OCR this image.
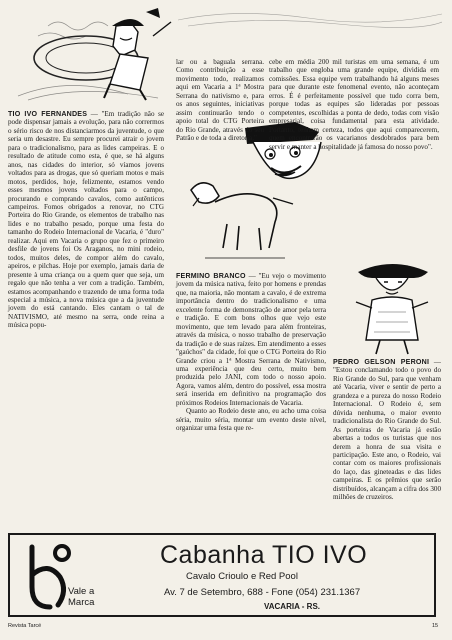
TIO IVO FERNANDES — "Em tradição não se pode dispensar jamais a evolução, para não corrermos o sério risco de nos distanciarmos da juventude, o que seria um desastre. Eu sempre procurei atrair o jovem para o tradicionalismo, para as lides campeiras. E o resultado de atitude como esta, é que, se há alguns anos, nas cidades do interior, só víamos jovens voltados para as drogas, que só queriam motos e mais motos, perdidos, hoje, felizmente, estamos vendo esses mesmos jovens voltados para o campo, procurando e comprando cavalos, como autênticos campeiros. Fomos obrigados a renovar, no CTG Porteira do Rio Grande, os elementos de trabalho nas lides e no trabalho pesado, porque uma festa do tamanho do Rodeio Internacional de Vacaria, é "duro" realizar. Aqui em Vacaria o grupo que fez o primeiro desfile de jovens foi Os Araganos, no mini rodeio, todos, muitos deles, de compor além do cavalo, apeiros, e pilchas. Hoje por exemplo, jamais daria de presente à uma criança ou a quem quer que seja, um regalo que não tenha a ver com a tradição. Também, estamos acompanhando e trazendo de uma forma toda especial a música, a nova música que a da juventude jovem do está cantando. Eles cantam o tal de NATIVISMO, até mesmo na serra, onde reina a música popu-

lar ou a baguala serrana. Como contribuição a esse movimento todo, realizamos aqui em Vacaria a 1ª Mostra Serrana do nativismo e, para os anos seguintes, iniciativas assim continuarão tendo o apoio total do CTG Porteira do Rio Grande, através do seu Patrão e de toda a diretoria."

FERMINO BRANCO — "Eu vejo o movimento jovem da música nativa, feito por homens e prendas que, na maioria, não montam a cavalo, é de extrema importância dentro do tradicionalismo e uma excelente forma de demonstração de amor pela terra e tradição. E com bons olhos que vejo este movimento, que tem levado para além fronteiras, através da música, o nosso trabalho de preservação da tradição e de suas raízes. Em atendimento a esses "gaúchos" da cidade, foi que o CTG Porteira do Rio Grande criou a 1ª Mostra Serrana de Nativismo, uma experiência que deu certo, muito bem produzida pelo JANI, com todo o nosso apoio. Agora, vamos além, dentro do possível, essa mostra será inserida em definitivo na programação dos próximos Rodeios Internacionais de Vacaria.

Quanto ao Rodeio deste ano, eu acho uma coisa séria, muito séria, montar um evento deste nível, organizar uma festa que re-

cebe em média 200 mil turistas em uma semana, é um trabalho que engloba uma grande equipe, dividida em comissões. Essa equipe vem trabalhando há alguns meses para que durante este fenomenal evento, não aconteçam erros. É é perfeitamente possível que tudo corra bem, porque todas as equipes são lideradas por pessoas competentes, escolhidas a ponta de dedo, todas com visão empresarial, coisa fundamental para esta atividade. Portanto, tenham certeza, todos que aqui comparecerem, quem encontrarão os vacarianos desdobrados para bem servir e manter a hospitalidade já famosa do nosso povo".

PEDRO GELSON PERONI — "Estou conclamando todo o povo do Rio Grande do Sul, para que venham até Vacaria, viver e sentir de perto a grandeza e a pureza do nosso Rodeio Internacional. O Rodeio é, sem dúvida nenhuma, o maior evento tradicionalista do Rio Grande do Sul. As porteiras de Vacaria já estão abertas a todos os turistas que nos derem a honra de sua visita e participação. Este ano, o Rodeio, vai contar com os maiores profissionais do laço, das gineteadas e das lides campeiras. E os prêmios que serão distribuídos, alcançam a cifra dos 300 milhões de cruzeiros.

Vale a
Marca
Cabanha TIO IVO
Cavalo Crioulo e Red Pool
Av. 7 de Setembro, 688 - Fone (054) 231.1367
VACARIA - RS.
Revista Tarcé	15
